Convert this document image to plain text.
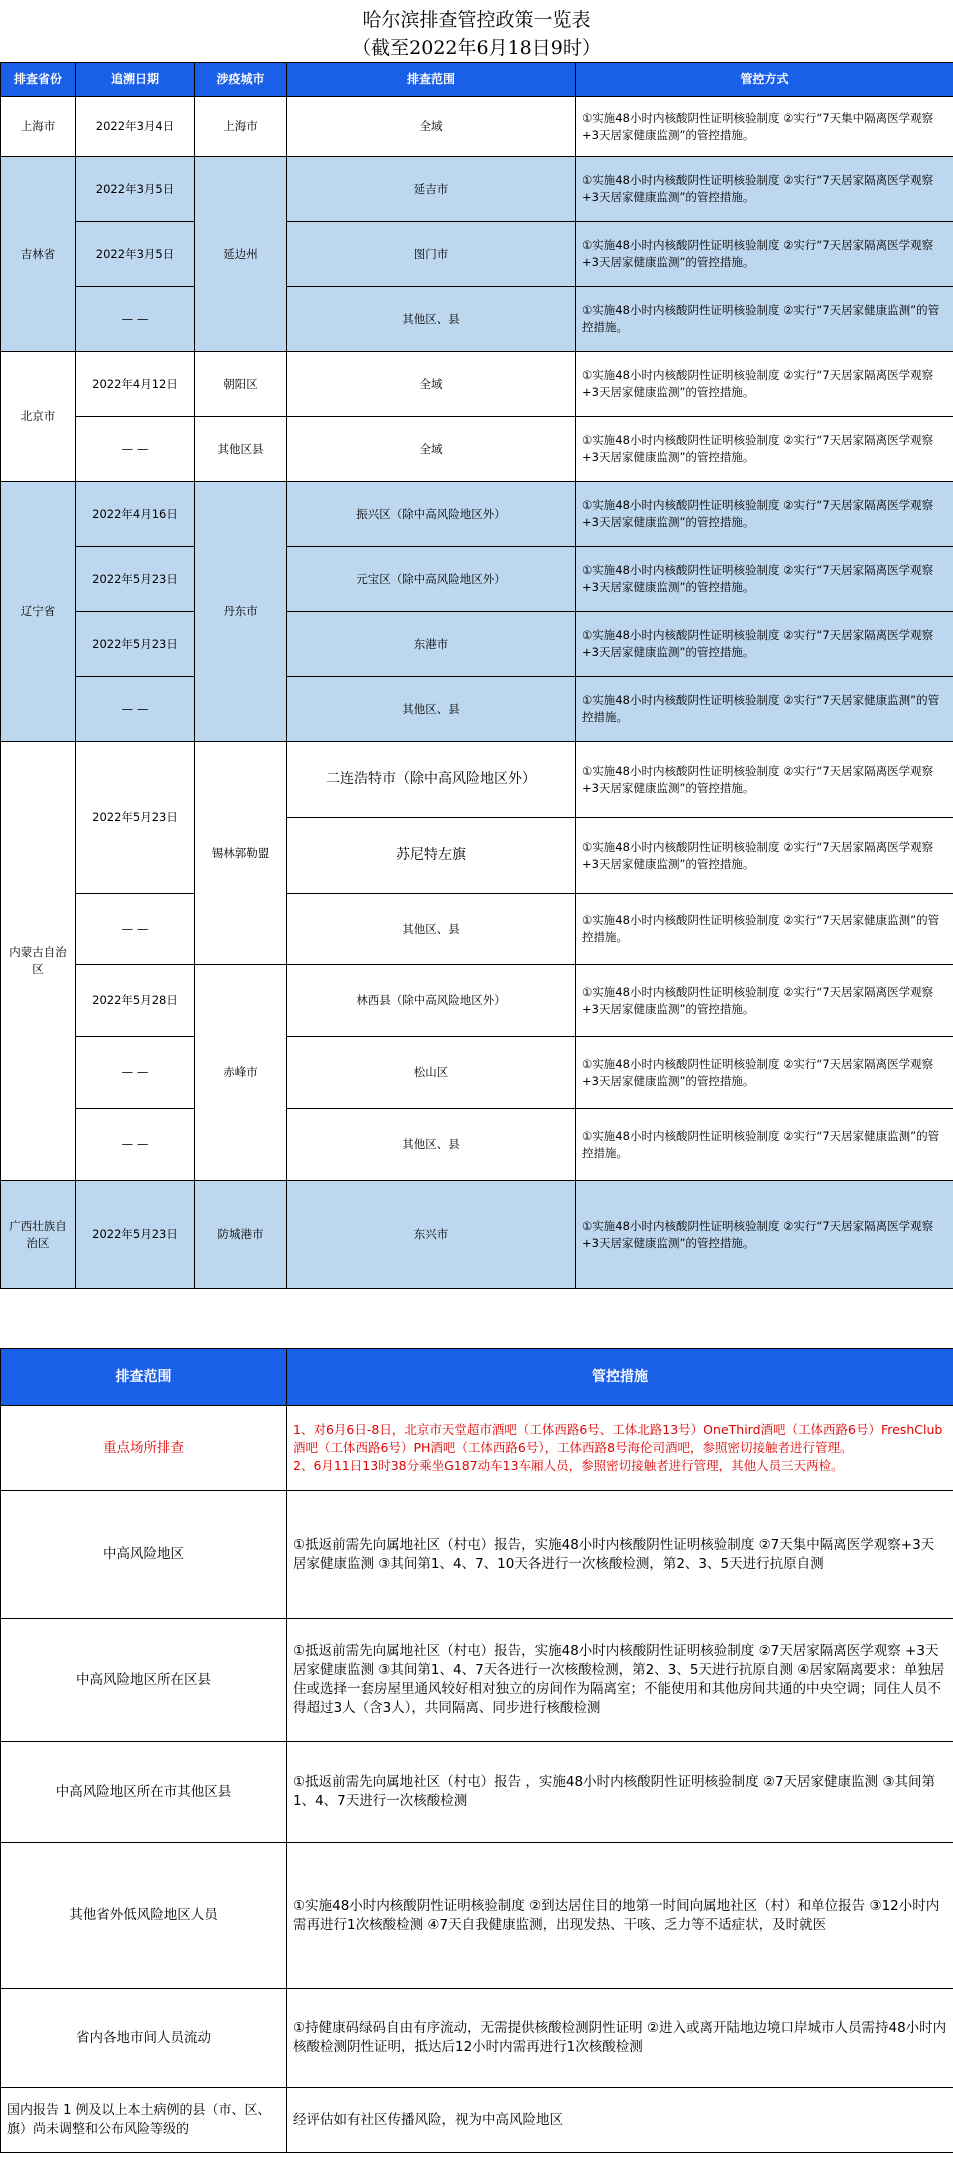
哈尔滨排查管控政策一览表
（截至2022年6月18日9时）
排查省份	追溯日期	涉疫城市	排查范围	管控方式
上海市	2022年3月4日	上海市	全域	①实施48小时内核酸阴性证明核验制度 ②实行“7天集中隔离医学观察+3天居家健康监测”的管控措施。
吉林省	2022年3月5日	延边州	延吉市	①实施48小时内核酸阴性证明核验制度 ②实行“7天居家隔离医学观察+3天居家健康监测”的管控措施。
	2022年3月5日		图门市	①实施48小时内核酸阴性证明核验制度 ②实行“7天居家隔离医学观察+3天居家健康监测”的管控措施。
	— —		其他区、县	①实施48小时内核酸阴性证明核验制度 ②实行“7天居家健康监测”的管控措施。
北京市	2022年4月12日	朝阳区	全域	①实施48小时内核酸阴性证明核验制度 ②实行“7天居家隔离医学观察+3天居家健康监测”的管控措施。
	— —	其他区县	全域	①实施48小时内核酸阴性证明核验制度 ②实行“7天居家隔离医学观察+3天居家健康监测”的管控措施。
辽宁省	2022年4月16日	丹东市	振兴区（除中高风险地区外）	①实施48小时内核酸阴性证明核验制度 ②实行“7天居家隔离医学观察+3天居家健康监测”的管控措施。
	2022年5月23日		元宝区（除中高风险地区外）	①实施48小时内核酸阴性证明核验制度 ②实行“7天居家隔离医学观察+3天居家健康监测”的管控措施。
	2022年5月23日		东港市	①实施48小时内核酸阴性证明核验制度 ②实行“7天居家隔离医学观察+3天居家健康监测”的管控措施。
	— —		其他区、县	①实施48小时内核酸阴性证明核验制度 ②实行“7天居家健康监测”的管控措施。
内蒙古自治区	2022年5月23日	锡林郭勒盟	二连浩特市（除中高风险地区外）	①实施48小时内核酸阴性证明核验制度 ②实行“7天居家隔离医学观察+3天居家健康监测”的管控措施。
			苏尼特左旗	①实施48小时内核酸阴性证明核验制度 ②实行“7天居家隔离医学观察+3天居家健康监测”的管控措施。
	— —		其他区、县	①实施48小时内核酸阴性证明核验制度 ②实行“7天居家健康监测”的管控措施。
	2022年5月28日	赤峰市	林西县（除中高风险地区外）	①实施48小时内核酸阴性证明核验制度 ②实行“7天居家隔离医学观察+3天居家健康监测”的管控措施。
	— —		松山区	①实施48小时内核酸阴性证明核验制度 ②实行“7天居家隔离医学观察+3天居家健康监测”的管控措施。
	— —		其他区、县	①实施48小时内核酸阴性证明核验制度 ②实行“7天居家健康监测”的管控措施。
广西壮族自治区	2022年5月23日	防城港市	东兴市	①实施48小时内核酸阴性证明核验制度 ②实行“7天居家隔离医学观察+3天居家健康监测”的管控措施。
排查范围	管控措施
重点场所排查	1、对6月6日-8日，北京市天堂超市酒吧（工体西路6号、工体北路13号）OneThird酒吧（工体西路6号）FreshClub酒吧（工体西路6号）PH酒吧（工体西路6号），工体西路8号海伦司酒吧，参照密切接触者进行管理。
2、6月11日13时38分乘坐G187动车13车厢人员，参照密切接触者进行管理，其他人员三天两检。

中高风险地区	①抵返前需先向属地社区（村屯）报告，实施48小时内核酸阴性证明核验制度 ②7天集中隔离医学观察+3天居家健康监测 ③其间第1、4、7、10天各进行一次核酸检测，第2、3、5天进行抗原自测
中高风险地区所在区县	①抵返前需先向属地社区（村屯）报告，实施48小时内核酸阴性证明核验制度 ②7天居家隔离医学观察 +3天居家健康监测 ③其间第1、4、7天各进行一次核酸检测，第2、3、5天进行抗原自测 ④居家隔离要求：单独居住或选择一套房屋里通风较好相对独立的房间作为隔离室；不能使用和其他房间共通的中央空调；同住人员不得超过3人（含3人），共同隔离、同步进行核酸检测
中高风险地区所在市其他区县	①抵返前需先向属地社区（村屯）报告 ，实施48小时内核酸阴性证明核验制度 ②7天居家健康监测 ③其间第1、4、7天进行一次核酸检测
其他省外低风险地区人员	①实施48小时内核酸阴性证明核验制度 ②到达居住目的地第一时间向属地社区（村）和单位报告 ③12小时内需再进行1次核酸检测 ④7天自我健康监测，出现发热、干咳、乏力等不适症状，及时就医
省内各地市间人员流动	①持健康码绿码自由有序流动，无需提供核酸检测阴性证明 ②进入或离开陆地边境口岸城市人员需持48小时内核酸检测阴性证明，抵达后12小时内需再进行1次核酸检测
国内报告 1 例及以上本土病例的县（市、区、旗）尚未调整和公布风险等级的	经评估如有社区传播风险，视为中高风险地区
